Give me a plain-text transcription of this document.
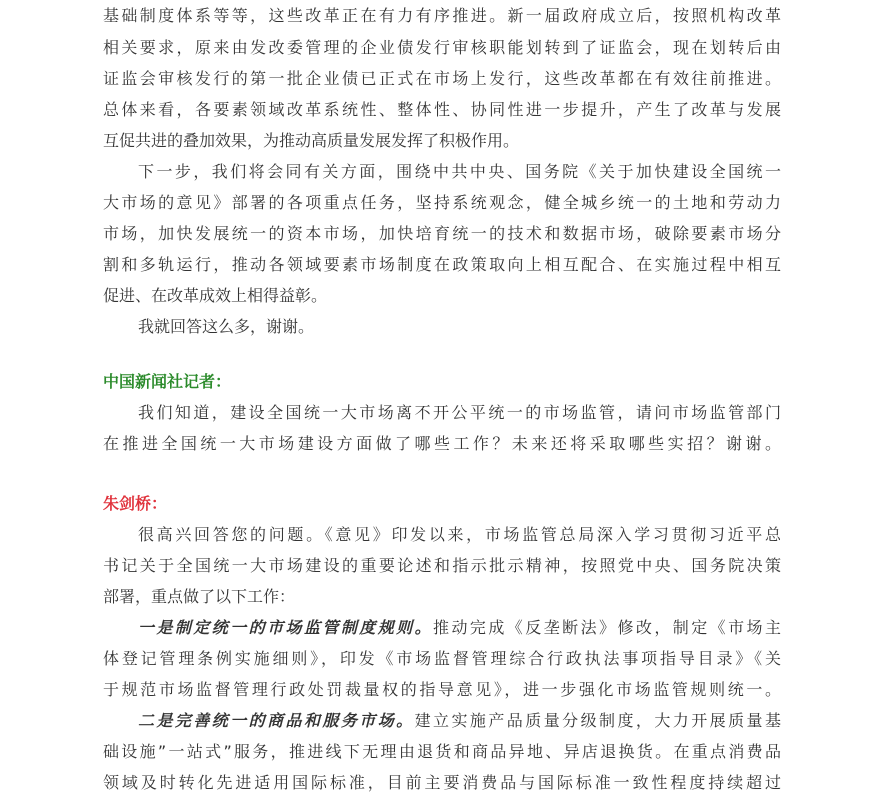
基础制度体系等等，这些改革正在有力有序推进。新一届政府成立后，按照机构改革

相关要求，原来由发改委管理的企业债发行审核职能划转到了证监会，现在划转后由

证监会审核发行的第一批企业债已正式在市场上发行，这些改革都在有效往前推进。

总体来看，各要素领域改革系统性、整体性、协同性进一步提升，产生了改革与发展

互促共进的叠加效果，为推动高质量发展发挥了积极作用。

下一步，我们将会同有关方面，围绕中共中央、国务院《关于加快建设全国统一

大市场的意见》部署的各项重点任务，坚持系统观念，健全城乡统一的土地和劳动力

市场，加快发展统一的资本市场，加快培育统一的技术和数据市场，破除要素市场分

割和多轨运行，推动各领域要素市场制度在政策取向上相互配合、在实施过程中相互

促进、在改革成效上相得益彰。

我就回答这么多，谢谢。

中国新闻社记者：

我们知道，建设全国统一大市场离不开公平统一的市场监管，请问市场监管部门

在推进全国统一大市场建设方面做了哪些工作？未来还将采取哪些实招？谢谢。

朱剑桥：

很高兴回答您的问题。《意见》印发以来，市场监管总局深入学习贯彻习近平总

书记关于全国统一大市场建设的重要论述和指示批示精神，按照党中央、国务院决策

部署，重点做了以下工作：

一是制定统一的市场监管制度规则。推动完成《反垄断法》修改，制定《市场主

体登记管理条例实施细则》，印发《市场监督管理综合行政执法事项指导目录》《关

于规范市场监督管理行政处罚裁量权的指导意见》，进一步强化市场监管规则统一。

二是完善统一的商品和服务市场。建立实施产品质量分级制度，大力开展质量基

础设施”一站式”服务，推进线下无理由退货和商品异地、异店退换货。在重点消费品

领域及时转化先进适用国际标准，目前主要消费品与国际标准一致性程度持续超过
